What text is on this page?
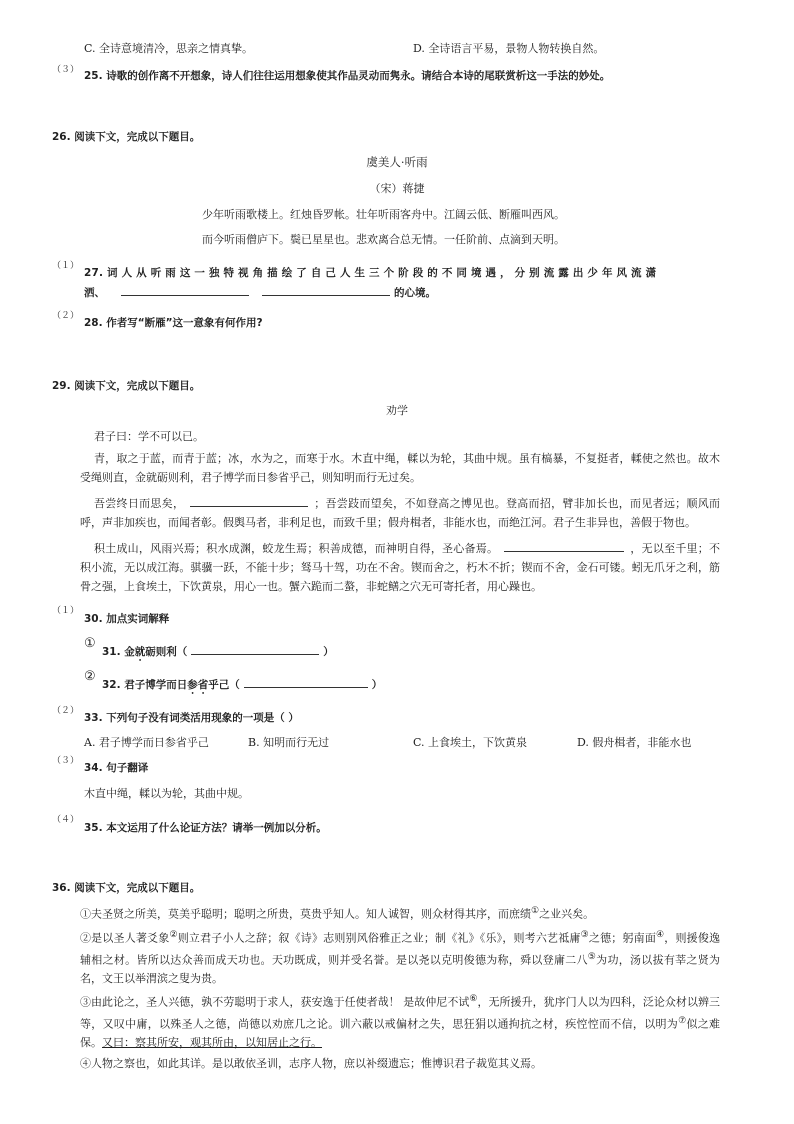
C. 全诗意境清冷，思亲之情真挚。	D. 全诗语言平易，景物人物转换自然。
（３） 25. 诗歌的创作离不开想象，诗人们往往运用想象使其作品灵动而隽永。请结合本诗的尾联赏析这一手法的妙处。
26. 阅读下文，完成以下题目。
虞美人·听雨
（宋）蒋捷
少年听雨歌楼上。红烛昏罗帐。壮年听雨客舟中。江阔云低、断雁叫西风。
而今听雨僧庐下。鬓已星星也。悲欢离合总无情。一任阶前、点滴到天明。
（１）
27. 词 人 从 听 雨 这 一 独 特 视 角 描 绘 了 自 己 人 生 三 个 阶 段 的 不 同 境 遇 ， 分 别 流 露 出 少 年 风 流 潇
洒、	的心境。
（２）
28. 作者写“断雁”这一意象有何作用?
29. 阅读下文，完成以下题目。
劝学
君子曰：学不可以已。
青，取之于蓝，而青于蓝；冰，水为之，而寒于水。木直中绳，輮以为轮，其曲中规。虽有槁暴，不复挺者，輮使之然也。故木受绳则直，金就砺则利，君子博学而日参省乎己，则知明而行无过矣。
吾尝终日而思矣，	；吾尝跂而望矣，不如登高之博见也。登高而招，臂非加长也，而见者远；顺风而呼，声非加疾也，而闻者彰。假舆马者，非利足也，而致千里；假舟楫者，非能水也，而绝江河。君子生非异也，善假于物也。
积土成山，风雨兴焉；积水成渊，蛟龙生焉；积善成德，而神明自得，圣心备焉。	，无以至千里；不积小流，无以成江海。骐骥一跃，不能十步；驽马十驾，功在不舍。锲而舍之，朽木不折；锲而不舍，金石可镂。蚓无爪牙之利，筋骨之强，上食埃土，下饮黄泉，用心一也。蟹六跪而二螯，非蛇鳝之穴无可寄托者，用心躁也。
（１）
30. 加点实词解释
①
31. 金就砺则利（	）
②
32. 君子博学而日参省乎己（	）
（２）
33. 下列句子没有词类活用现象的一项是（ ）
A. 君子博学而日参省乎己	B. 知明而行无过	C. 上食埃土，下饮黄泉	D. 假舟楫者，非能水也
（３）
34. 句子翻译
木直中绳，輮以为轮，其曲中规。
（４）
35. 本文运用了什么论证方法？请举一例加以分析。
36. 阅读下文，完成以下题目。
①夫圣贤之所美，莫美乎聪明；聪明之所贵，莫贵乎知人。知人诚智，则众材得其序，而庶绩①之业兴矣。
②是以圣人著爻象②则立君子小人之辞；叙《诗》志则别风俗雅正之业；制《礼》《乐》，则考六艺祗庸③之德；躬南面④，则援俊逸辅相之材。皆所以达众善而成天功也。天功既成，则并受名誉。是以尧以克明俊德为称，舜以登庸二八⑤为功，汤以拔有莘之贤为名，文王以举渭滨之叟为贵。
③由此论之，圣人兴德，孰不劳聪明于求人，获安逸于任使者哉！ 是故仲尼不试⑥，无所援升，犹序门人以为四科，泛论众材以辨三等，又叹中庸，以殊圣人之德，尚德以劝庶几之论。训六蔽以戒偏材之失，思狂狷以通拘抗之材，疾悾悾而不信，以明为⑦似之难保。又曰：察其所安，观其所由，以知居止之行。
④人物之察也，如此其详。是以敢依圣训，志序人物，庶以补缀遗忘；惟博识君子裁览其义焉。
